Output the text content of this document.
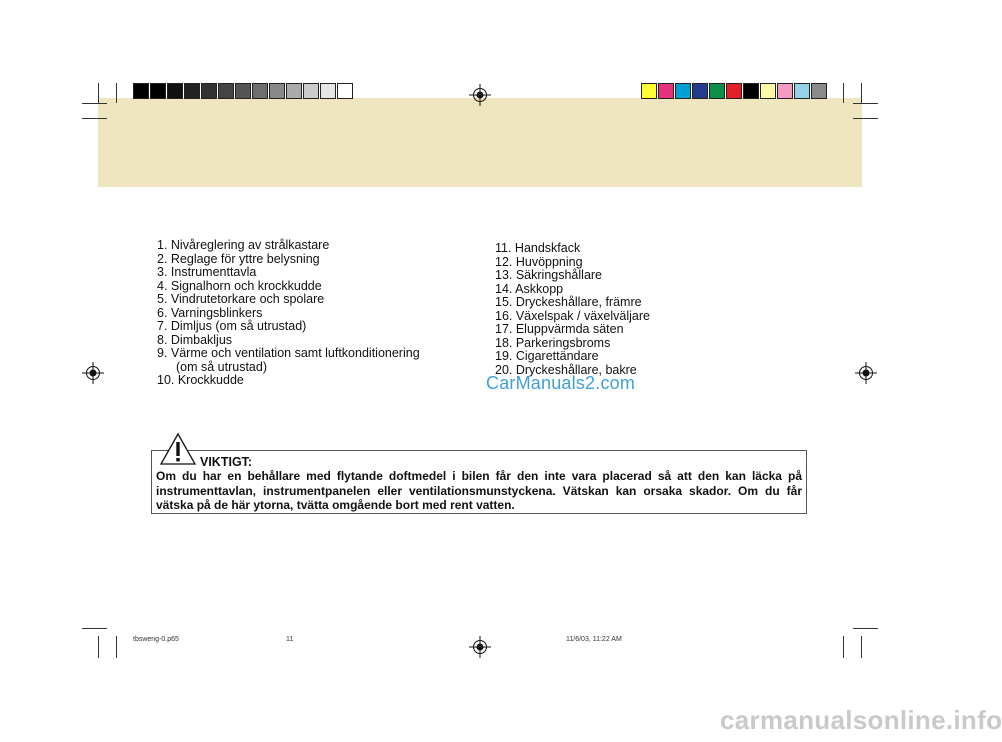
1. Nivåreglering av strålkastare
2. Reglage för yttre belysning
3. Instrumenttavla
4. Signalhorn och krockkudde
5. Vindrutetorkare och spolare
6. Varningsblinkers
7. Dimljus (om så utrustad)
8. Dimbakljus
9. Värme och ventilation samt luftkonditionering
(om så utrustad)
10. Krockkudde
11. Handskfack
12. Huvöppning
13. Säkringshållare
14. Askkopp
15. Dryckeshållare, främre
16. Växelspak / växelväljare
17. Eluppvärmda säten
18. Parkeringsbroms
19. Cigarettändare
20. Dryckeshållare, bakre
CarManuals2.com
VIKTIGT:
Om du har en behållare med flytande doftmedel i bilen får den inte vara placerad så att den kan läcka på instrumenttavlan, instrumentpanelen eller ventilationsmunstyckena. Vätskan kan orsaka skador. Om du får vätska på de här ytorna, tvätta omgående bort med rent vatten.
tbsweng-0.p65	11	11/6/03, 11:22 AM
carmanualsonline.info
